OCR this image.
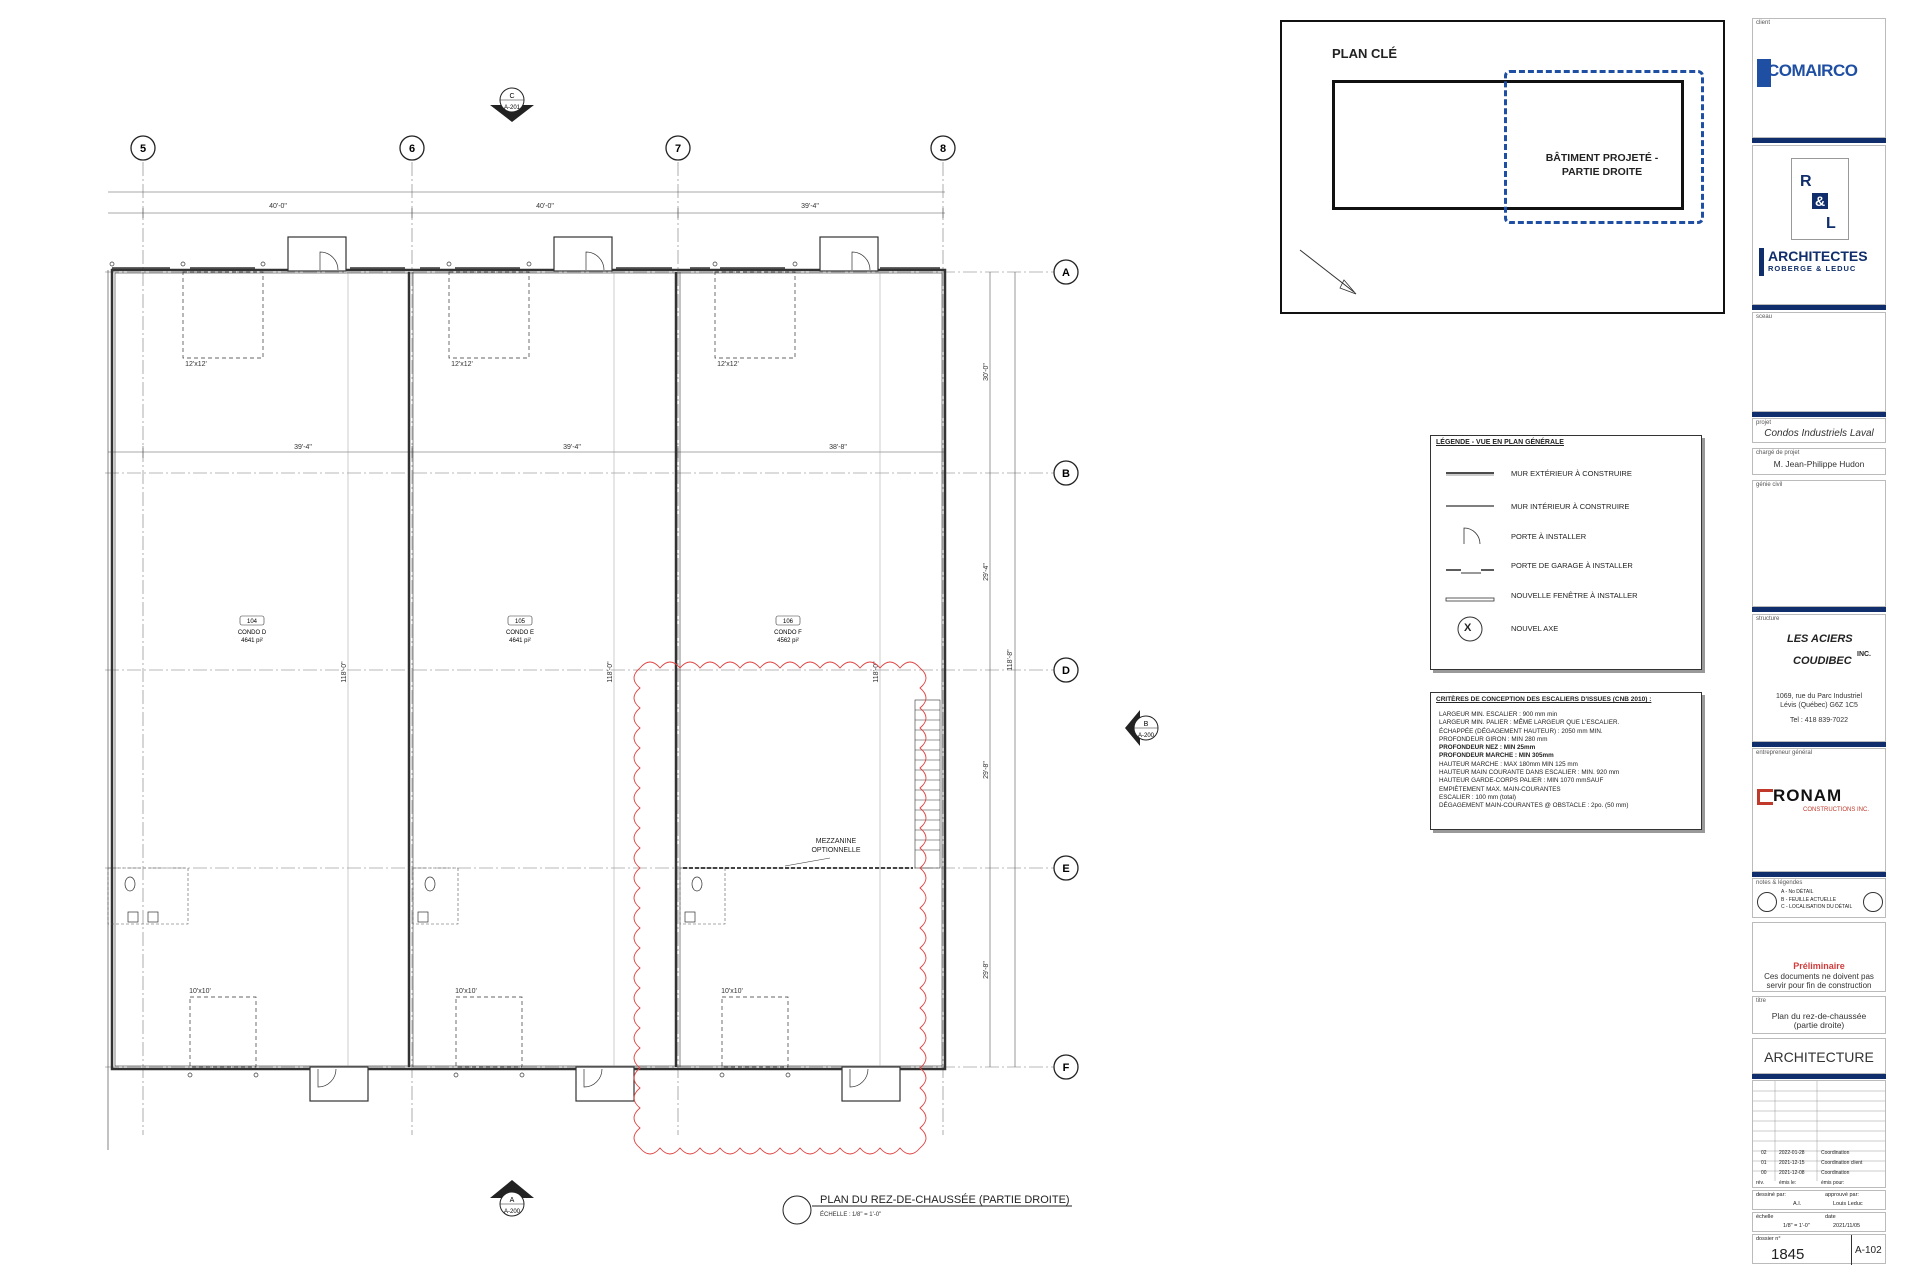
40'-0"	40'-0"	39'-4"
39'-4"	39'-4"	38'-8"
30'-0"
29'-4"
118'-8"
29'-8"
29'-8"
12'x12'	12'x12'	12'x12'
10'x10'	10'x10'	10'x10'
118'-0"	118'-0"	118'-0"
104
CONDO D
4641 pi²
105
CONDO E
4641 pi²
106
CONDO F
4562 pi²
MEZZANINE
OPTIONNELLE
5	6	7	8
A
B
D
E
F
C
A-201
B
A-200
A
A-200
PLAN DU REZ-DE-CHAUSSÉE (PARTIE DROITE)
ÉCHELLE : 1/8" = 1'-0"
PLAN CLÉ
BÂTIMENT PROJETÉ -
PARTIE DROITE
LÉGENDE - VUE EN PLAN GÉNÉRALE
X
MUR EXTÉRIEUR À CONSTRUIRE
MUR INTÉRIEUR À CONSTRUIRE
PORTE À INSTALLER
PORTE DE GARAGE À INSTALLER
NOUVELLE FENÊTRE À INSTALLER
NOUVEL AXE
CRITÈRES DE CONCEPTION DES ESCALIERS D'ISSUES (CNB 2010) :
LARGEUR MIN. ESCALIER : 900 mm min
LARGEUR MIN. PALIER : MÊME LARGEUR QUE L'ESCALIER.
ÉCHAPPÉE (DÉGAGEMENT HAUTEUR) : 2050 mm MIN.
PROFONDEUR GIRON : MIN 280 mm
PROFONDEUR NEZ : MIN 25mm
PROFONDEUR MARCHE : MIN 305mm
HAUTEUR MARCHE : MAX 180mm MIN 125 mm
HAUTEUR MAIN COURANTE DANS ESCALIER : MIN. 920 mm
HAUTEUR GARDE-CORPS PALIER : MIN 1070 mmSAUF
EMPIÈTEMENT MAX. MAIN-COURANTES
ESCALIER : 100 mm (total)
DÉGAGEMENT MAIN-COURANTES @ OBSTACLE : 2po. (50 mm)
client
COMAIRCO
R
&
L
ARCHITECTES
ROBERGE & LEDUC
sceau
projet
Condos Industriels Laval
chargé de projet
M. Jean-Philippe Hudon
génie civil
structure
LES ACIERS
COUDIBEC
INC.
1069, rue du Parc Industriel
Lévis (Québec) G6Z 1C5
Tel : 418 839-7022
entrepreneur général
RONAM
CONSTRUCTIONS INC.
notes & légendes
A - No DÉTAIL
B - FEUILLE ACTUELLE
C - LOCALISATION DU DÉTAIL
Préliminaire
Ces documents ne doivent pas
servir pour fin de construction
titre
Plan du rez-de-chaussée
(partie droite)
ARCHITECTURE
02 2022-01-28	Coordination
01 2021-12-15	Coordination client
00 2021-12-08	Coordination
rév.	émis le:	émis pour:
dessiné par:
A.I.
approuvé par:
Louis Leduc
échelle
1/8" = 1'-0"
date
2021/11/05
dossier n°
1845	A-102
